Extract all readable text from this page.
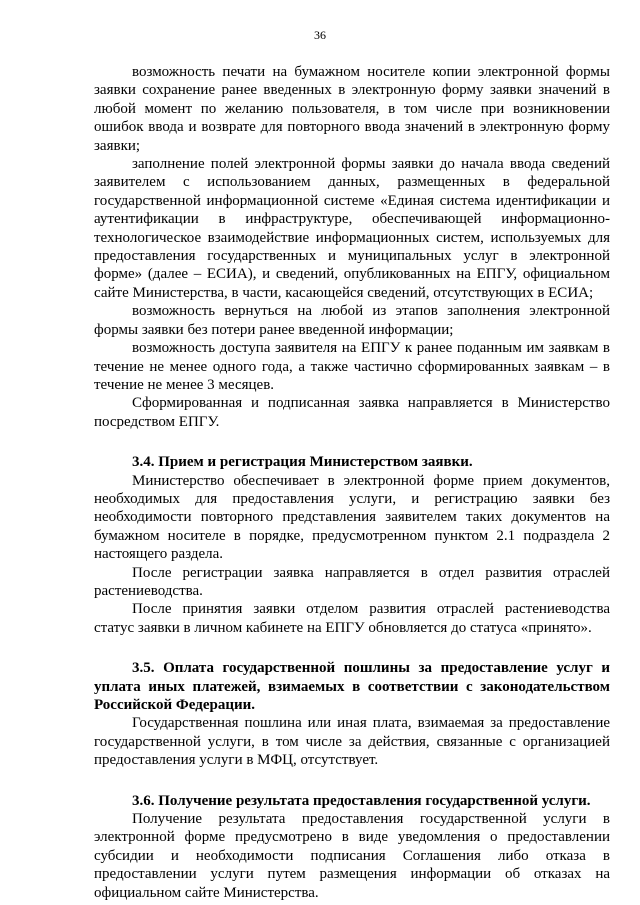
36

возможность печати на бумажном носителе копии электронной формы заявки сохранение ранее введенных в электронную форму заявки значений в любой момент по желанию пользователя, в том числе при возникновении ошибок ввода и возврате для повторного ввода значений в электронную форму заявки;

заполнение полей электронной формы заявки до начала ввода сведений заявителем с использованием данных, размещенных в федеральной государственной информационной системе «Единая система идентификации и аутентификации в инфраструктуре, обеспечивающей информационно-технологическое взаимодействие информационных систем, используемых для предоставления государственных и муниципальных услуг в электронной форме» (далее – ЕСИА), и сведений, опубликованных на ЕПГУ, официальном сайте Министерства, в части, касающейся сведений, отсутствующих в ЕСИА;

возможность вернуться на любой из этапов заполнения электронной формы заявки без потери ранее введенной информации;

возможность доступа заявителя на ЕПГУ к ранее поданным им заявкам в течение не менее одного года, а также частично сформированных заявкам – в течение не менее 3 месяцев.

Сформированная и подписанная заявка направляется в Министерство посредством ЕПГУ.

3.4. Прием и регистрация Министерством заявки.

Министерство обеспечивает в электронной форме прием документов, необходимых для предоставления услуги, и регистрацию заявки без необходимости повторного представления заявителем таких документов на бумажном носителе в порядке, предусмотренном пунктом 2.1 подраздела 2 настоящего раздела.

После регистрации заявка направляется в отдел развития отраслей растениеводства.

После принятия заявки отделом развития отраслей растениеводства статус заявки в личном кабинете на ЕПГУ обновляется до статуса «принято».

3.5. Оплата государственной пошлины за предоставление услуг и уплата иных платежей, взимаемых в соответствии с законодательством Российской Федерации.

Государственная пошлина или иная плата, взимаемая за предоставление государственной услуги, в том числе за действия, связанные с организацией предоставления услуги в МФЦ, отсутствует.

3.6. Получение результата предоставления государственной услуги.

Получение результата предоставления государственной услуги в электронной форме предусмотрено в виде уведомления о предоставлении субсидии и необходимости подписания Соглашения либо отказа в предоставлении услуги путем размещения информации об отказах на официальном сайте Министерства.
